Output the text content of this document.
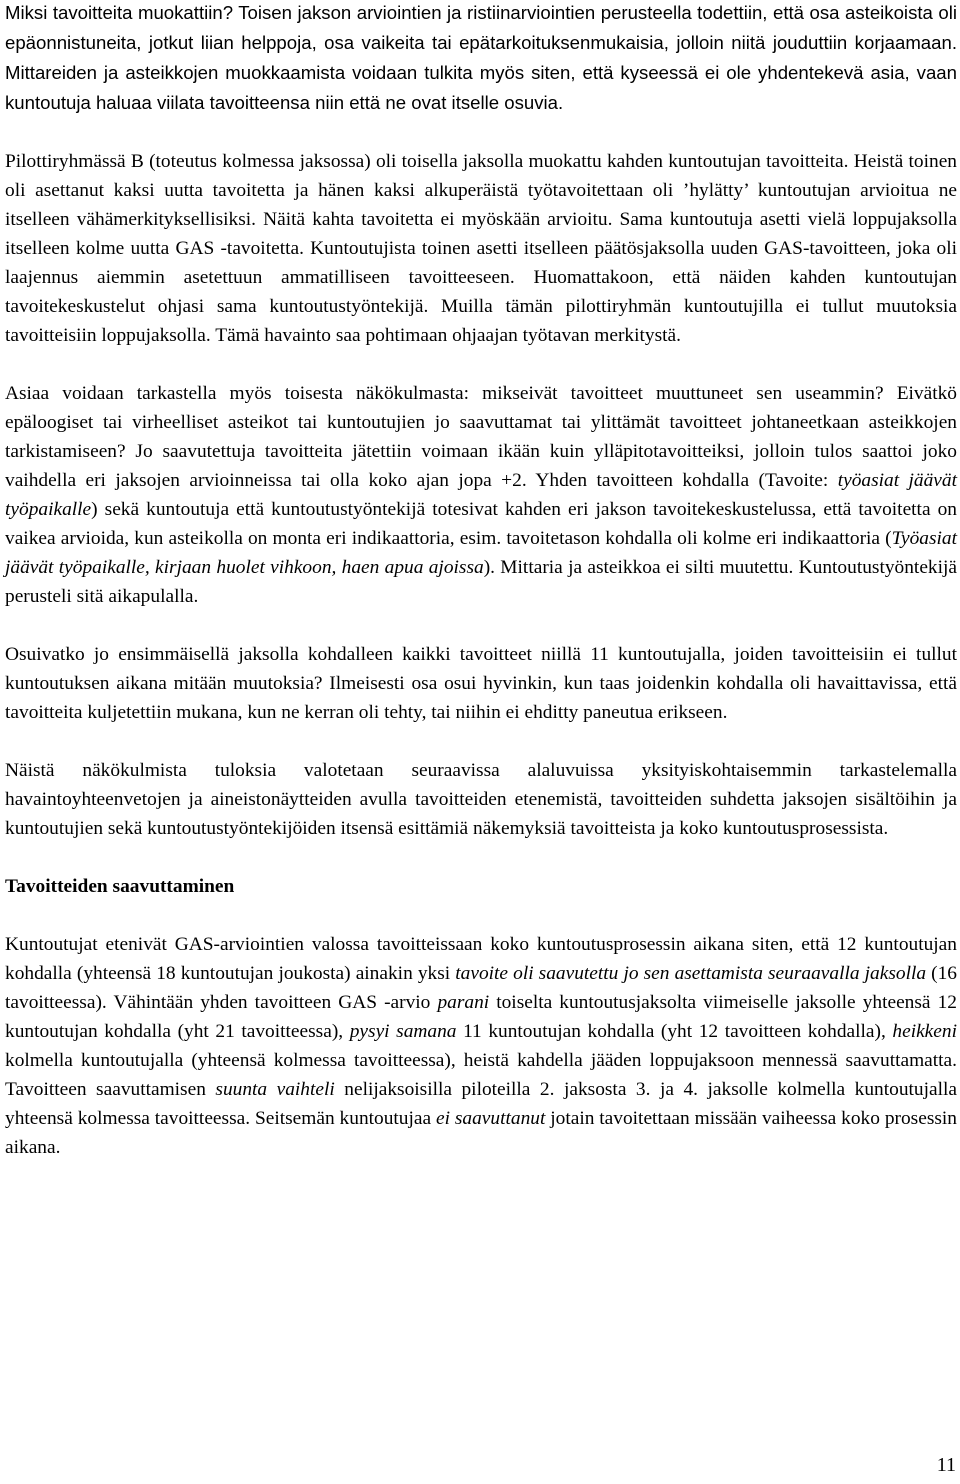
Miksi tavoitteita muokattiin? Toisen jakson arviointien ja ristiinarviointien perusteella todettiin, että osa asteikoista oli epäonnistuneita, jotkut liian helppoja, osa vaikeita tai epätarkoituksenmukaisia, jolloin niitä jouduttiin korjaamaan. Mittareiden ja asteikkojen muokkaamista voidaan tulkita myös siten, että kyseessä ei ole yhdentekevä asia, vaan kuntoutuja haluaa viilata tavoitteensa niin että ne ovat itselle osuvia.

Pilottiryhmässä B (toteutus kolmessa jaksossa) oli toisella jaksolla muokattu kahden kuntoutujan tavoitteita. Heistä toinen oli asettanut kaksi uutta tavoitetta ja hänen kaksi alkuperäistä työtavoitettaan oli ’hylätty’ kuntoutujan arvioitua ne itselleen vähämerkityksellisiksi. Näitä kahta tavoitetta ei myöskään arvioitu. Sama kuntoutuja asetti vielä loppujaksolla itselleen kolme uutta GAS -tavoitetta. Kuntoutujista toinen asetti itselleen päätösjaksolla uuden GAS-tavoitteen, joka oli laajennus aiemmin asetettuun ammatilliseen tavoitteeseen. Huomattakoon, että näiden kahden kuntoutujan tavoitekeskustelut ohjasi sama kuntoutustyöntekijä. Muilla tämän pilottiryhmän kuntoutujilla ei tullut muutoksia tavoitteisiin loppujaksolla. Tämä havainto saa pohtimaan ohjaajan työtavan merkitystä.

Asiaa voidaan tarkastella myös toisesta näkökulmasta: mikseivät tavoitteet muuttuneet sen useammin? Eivätkö epäloogiset tai virheelliset asteikot tai kuntoutujien jo saavuttamat tai ylittämät tavoitteet johtaneetkaan asteikkojen tarkistamiseen? Jo saavutettuja tavoitteita jätettiin voimaan ikään kuin ylläpitotavoitteiksi, jolloin tulos saattoi joko vaihdella eri jaksojen arvioinneissa tai olla koko ajan jopa +2. Yhden tavoitteen kohdalla (Tavoite: työasiat jäävät työpaikalle) sekä kuntoutuja että kuntoutustyöntekijä totesivat kahden eri jakson tavoitekeskustelussa, että tavoitetta on vaikea arvioida, kun asteikolla on monta eri indikaattoria, esim. tavoitetason kohdalla oli kolme eri indikaattoria (Työasiat jäävät työpaikalle, kirjaan huolet vihkoon, haen apua ajoissa). Mittaria ja asteikkoa ei silti muutettu. Kuntoutustyöntekijä perusteli sitä aikapulalla.

Osuivatko jo ensimmäisellä jaksolla kohdalleen kaikki tavoitteet niillä 11 kuntoutujalla, joiden tavoitteisiin ei tullut kuntoutuksen aikana mitään muutoksia? Ilmeisesti osa osui hyvinkin, kun taas joidenkin kohdalla oli havaittavissa, että tavoitteita kuljetettiin mukana, kun ne kerran oli tehty, tai niihin ei ehditty paneutua erikseen.

Näistä näkökulmista tuloksia valotetaan seuraavissa alaluvuissa yksityiskohtaisemmin tarkastelemalla havaintoyhteenvetojen ja aineistonäytteiden avulla tavoitteiden etenemistä, tavoitteiden suhdetta jaksojen sisältöihin ja kuntoutujien sekä kuntoutustyöntekijöiden itsensä esittämiä näkemyksiä tavoitteista ja koko kuntoutusprosessista.

Tavoitteiden saavuttaminen

Kuntoutujat etenivät GAS-arviointien valossa tavoitteissaan koko kuntoutusprosessin aikana siten, että 12 kuntoutujan kohdalla (yhteensä 18 kuntoutujan joukosta) ainakin yksi tavoite oli saavutettu jo sen asettamista seuraavalla jaksolla (16 tavoitteessa). Vähintään yhden tavoitteen GAS -arvio parani toiselta kuntoutusjaksolta viimeiselle jaksolle yhteensä 12 kuntoutujan kohdalla (yht 21 tavoitteessa), pysyi samana 11 kuntoutujan kohdalla (yht 12 tavoitteen kohdalla), heikkeni kolmella kuntoutujalla (yhteensä kolmessa tavoitteessa), heistä kahdella jääden loppujaksoon mennessä saavuttamatta. Tavoitteen saavuttamisen suunta vaihteli nelijaksoisilla piloteilla 2. jaksosta 3. ja 4. jaksolle kolmella kuntoutujalla yhteensä kolmessa tavoitteessa. Seitsemän kuntoutujaa ei saavuttanut jotain tavoitettaan missään vaiheessa koko prosessin aikana.

11
